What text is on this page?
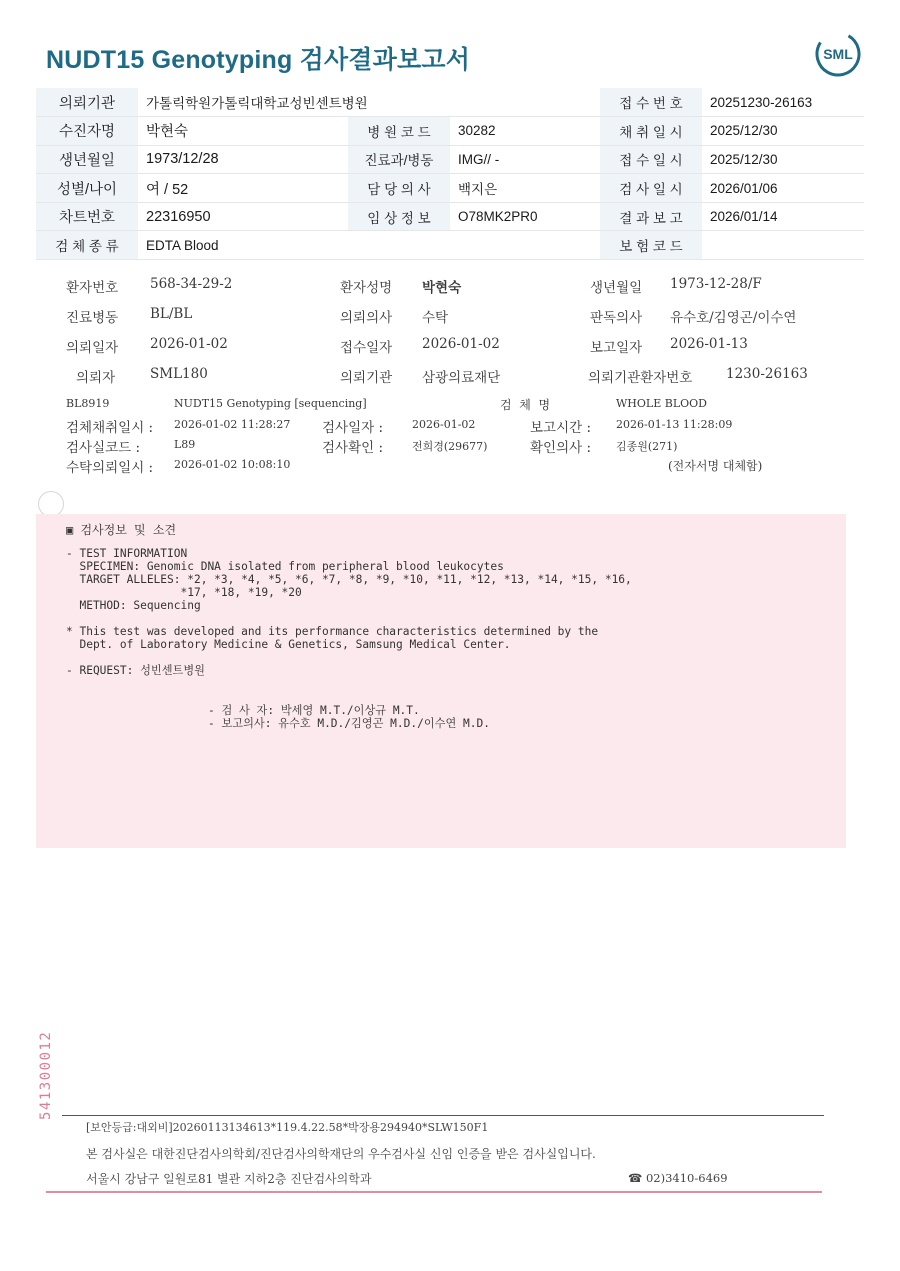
NUDT15 Genotyping 검사결과보고서	SML
의뢰기관	가톨릭학원가톨릭대학교성빈센트병원			접 수 번 호	20251230-26163
수진자명	박현숙	병 원 코 드	30282	채 취 일 시	2025/12/30
생년월일	1973/12/28	진료과/병동	IMG// -	접 수 일 시	2025/12/30
성별/나이	여 / 52	담 당 의 사	백지은	검 사 일 시	2026/01/06
차트번호	22316950	임 상 정 보	O78MK2PR0	결 과 보 고	2026/01/14
검 체 종 류	EDTA Blood			보 험 코 드	
환자번호 568-34-29-2	환자성명 박현숙	생년월일 1973-12-28/F
진료병동 BL/BL	의뢰의사 수탁	판독의사 유수호/김영곤/이수연
의뢰일자 2026-01-02	접수일자 2026-01-02	보고일자 2026-01-13
의뢰자	SML180	의뢰기관 삼광의료재단	의뢰기관환자번호 1230-26163
BL8919	NUDT15 Genotyping [sequencing]	검  체  명	WHOLE BLOOD
검체채취일시 : 2026-01-02 11:28:27 검사일자 :	2026-01-02	보고시간 : 2026-01-13 11:28:09
검사실코드 :	L89	검사확인 :	전희경(29677)	확인의사 : 김종원(271)
수탁의뢰일시 : 2026-01-02 10:08:10	(전자서명 대체함)
▣ 검사정보 및 소견
- TEST INFORMATION
SPECIMEN: Genomic DNA isolated from peripheral blood leukocytes
TARGET ALLELES: *2, *3, *4, *5, *6, *7, *8, *9, *10, *11, *12, *13, *14, *15, *16,
*17, *18, *19, *20
METHOD: Sequencing
* This test was developed and its performance characteristics determined by the
Dept. of Laboratory Medicine & Genetics, Samsung Medical Center.
- REQUEST: 성빈센트병원
- 검 사 자: 박세영 M.T./이상규 M.T.
- 보고의사: 유수호 M.D./김영곤 M.D./이수연 M.D.
541300012
[보안등급:대외비]20260113134613*119.4.22.58*박장용294940*SLW150F1
본 검사실은 대한진단검사의학회/진단검사의학재단의 우수검사실 신임 인증을 받은 검사실입니다.
서울시 강남구 일원로81 별관 지하2층 진단검사의학과	☎ 02)3410-6469
